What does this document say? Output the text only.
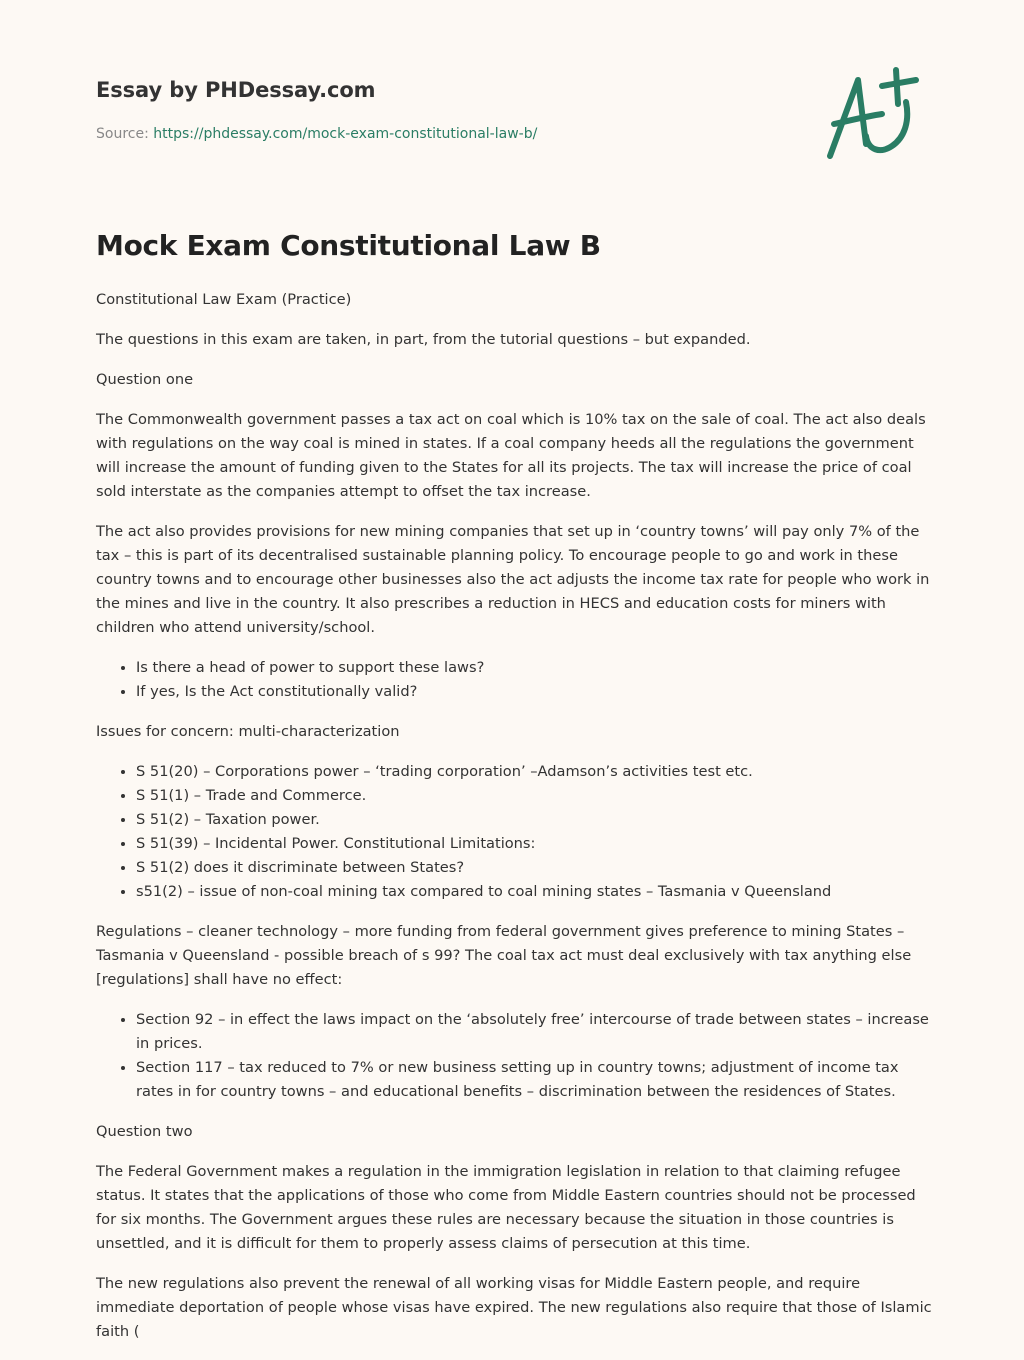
Essay by PHDessay.com
Source: https://phdessay.com/mock-exam-constitutional-law-b/
Mock Exam Constitutional Law B

Constitutional Law Exam (Practice)

The questions in this exam are taken, in part, from the tutorial questions – but expanded.

Question one

The Commonwealth government passes a tax act on coal which is 10% tax on the sale of coal. The act also deals with regulations on the way coal is mined in states. If a coal company heeds all the regulations the government will increase the amount of funding given to the States for all its projects. The tax will increase the price of coal sold interstate as the companies attempt to offset the tax increase.

The act also provides provisions for new mining companies that set up in ‘country towns’ will pay only 7% of the tax – this is part of its decentralised sustainable planning policy. To encourage people to go and work in these country towns and to encourage other businesses also the act adjusts the income tax rate for people who work in the mines and live in the country. It also prescribes a reduction in HECS and education costs for miners with children who attend university/school.

• Is there a head of power to support these laws?
• If yes, Is the Act constitutionally valid?

Issues for concern: multi-characterization

• S 51(20) – Corporations power – ‘trading corporation’ –Adamson’s activities test etc.
• S 51(1) – Trade and Commerce.
• S 51(2) – Taxation power.
• S 51(39) – Incidental Power. Constitutional Limitations:
• S 51(2) does it discriminate between States?
• s51(2) – issue of non-coal mining tax compared to coal mining states – Tasmania v Queensland

Regulations – cleaner technology – more funding from federal government gives preference to mining States – Tasmania v Queensland - possible breach of s 99? The coal tax act must deal exclusively with tax anything else [regulations] shall have no effect:

• Section 92 – in effect the laws impact on the ‘absolutely free’ intercourse of trade between states – increase in prices.
• Section 117 – tax reduced to 7% or new business setting up in country towns; adjustment of income tax rates in for country towns – and educational benefits – discrimination between the residences of States.

Question two

The Federal Government makes a regulation in the immigration legislation in relation to that claiming refugee status. It states that the applications of those who come from Middle Eastern countries should not be processed for six months. The Government argues these rules are necessary because the situation in those countries is unsettled, and it is difficult for them to properly assess claims of persecution at this time.

The new regulations also prevent the renewal of all working visas for Middle Eastern people, and require immediate deportation of people whose visas have expired. The new regulations also require that those of Islamic faith (
